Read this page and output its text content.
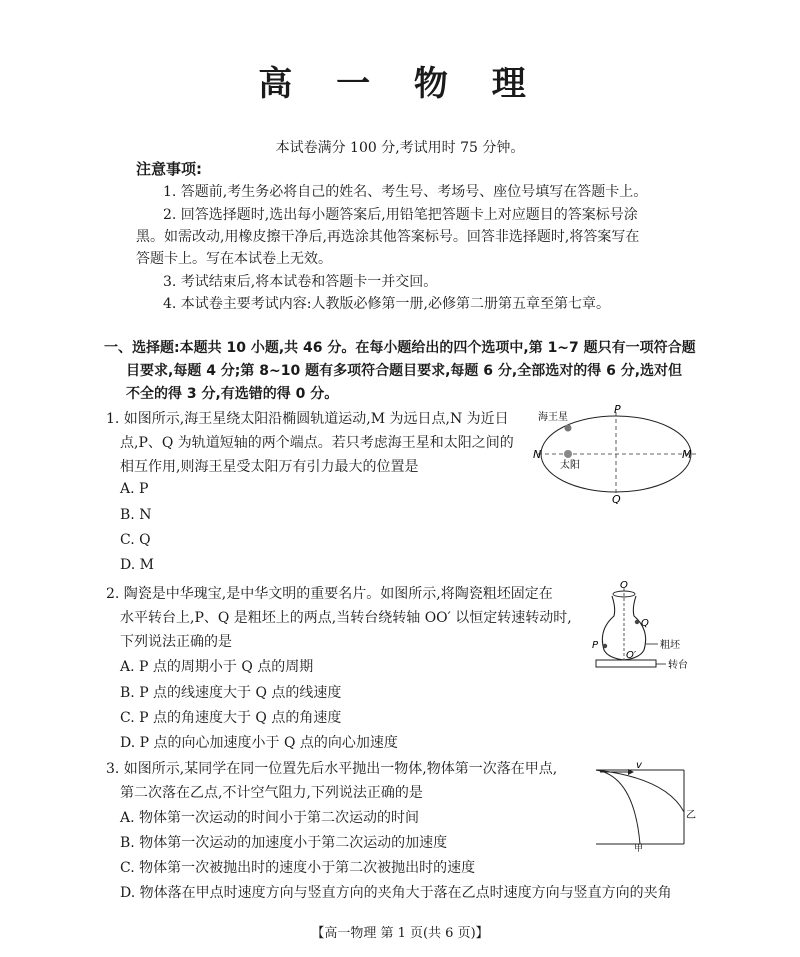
高 一 物 理
本试卷满分 100 分,考试用时 75 分钟。
注意事项:
1. 答题前,考生务必将自己的姓名、考生号、考场号、座位号填写在答题卡上。
2. 回答选择题时,选出每小题答案后,用铅笔把答题卡上对应题目的答案标号涂
黑。如需改动,用橡皮擦干净后,再选涂其他答案标号。回答非选择题时,将答案写在
答题卡上。写在本试卷上无效。
3. 考试结束后,将本试卷和答题卡一并交回。
4. 本试卷主要考试内容:人教版必修第一册,必修第二册第五章至第七章。
一、选择题:本题共 10 小题,共 46 分。在每小题给出的四个选项中,第 1~7 题只有一项符合题
目要求,每题 4 分;第 8~10 题有多项符合题目要求,每题 6 分,全部选对的得 6 分,选对但
不全的得 3 分,有选错的得 0 分。
1. 如图所示,海王星绕太阳沿椭圆轨道运动,M 为远日点,N 为近日
点,P、Q 为轨道短轴的两个端点。若只考虑海王星和太阳之间的
相互作用,则海王星受太阳万有引力最大的位置是
A. P
B. N
C. Q
D. M
海王星
太阳
P
Q
M
N
2. 陶瓷是中华瑰宝,是中华文明的重要名片。如图所示,将陶瓷粗坯固定在
水平转台上,P、Q 是粗坯上的两点,当转台绕转轴 OO′ 以恒定转速转动时,
下列说法正确的是
A. P 点的周期小于 Q 点的周期
B. P 点的线速度大于 Q 点的线速度
C. P 点的角速度大于 Q 点的角速度
D. P 点的向心加速度小于 Q 点的向心加速度
O
O′
P
Q
粗坯
转台
3. 如图所示,某同学在同一位置先后水平抛出一物体,物体第一次落在甲点,
第二次落在乙点,不计空气阻力,下列说法正确的是
A. 物体第一次运动的时间小于第二次运动的时间
B. 物体第一次运动的加速度小于第二次运动的加速度
C. 物体第一次被抛出时的速度小于第二次被抛出时的速度
D. 物体落在甲点时速度方向与竖直方向的夹角大于落在乙点时速度方向与竖直方向的夹角
v
甲
乙
【高一物理 第 1 页(共 6 页)】
